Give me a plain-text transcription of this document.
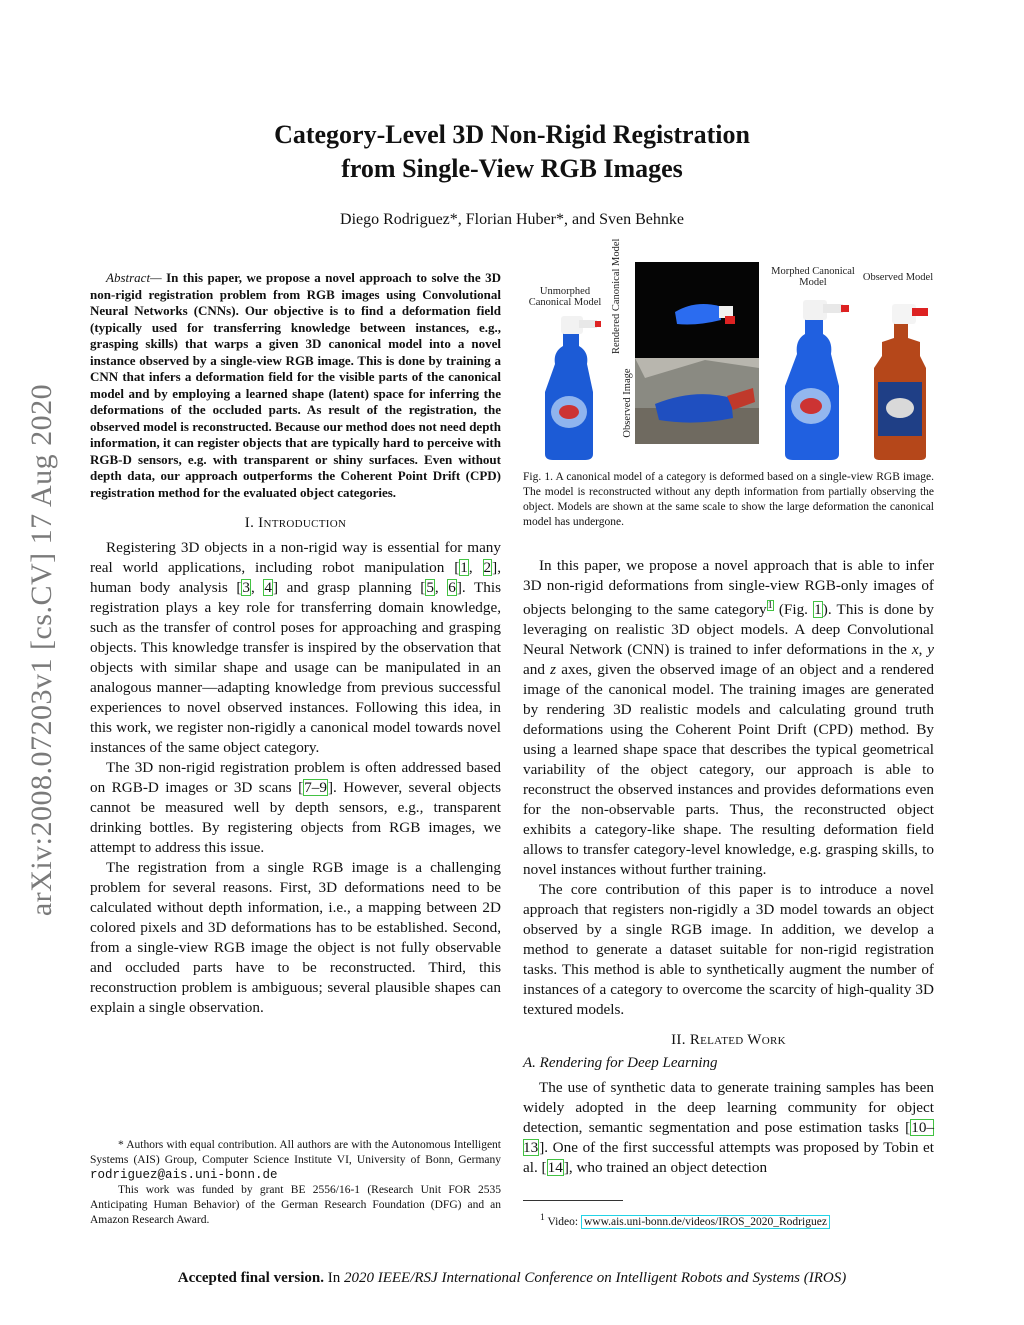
arXiv:2008.07203v1 [cs.CV] 17 Aug 2020
Category-Level 3D Non-Rigid Registration
from Single-View RGB Images
Diego Rodriguez*, Florian Huber*, and Sven Behnke

Abstract— In this paper, we propose a novel approach to solve the 3D non-rigid registration problem from RGB images using Convolutional Neural Networks (CNNs). Our objective is to find a deformation field (typically used for transferring knowledge between instances, e.g., grasping skills) that warps a given 3D canonical model into a novel instance observed by a single-view RGB image. This is done by training a CNN that infers a deformation field for the visible parts of the canonical model and by employing a learned shape (latent) space for inferring the deformations of the occluded parts. As result of the registration, the observed model is reconstructed. Because our method does not need depth information, it can register objects that are typically hard to perceive with RGB-D sensors, e.g. with transparent or shiny surfaces. Even without depth data, our approach outperforms the Coherent Point Drift (CPD) registration method for the evaluated object categories.

I. Introduction

Registering 3D objects in a non-rigid way is essential for many real world applications, including robot manipulation [1, 2], human body analysis [3, 4] and grasp planning [5, 6]. This registration plays a key role for transferring domain knowledge, such as the transfer of control poses for approaching and grasping objects. This knowledge transfer is inspired by the observation that objects with similar shape and usage can be manipulated in an analogous manner—adapting knowledge from previous successful experiences to novel observed instances. Following this idea, in this work, we register non-rigidly a canonical model towards novel instances of the same object category.

The 3D non-rigid registration problem is often addressed based on RGB-D images or 3D scans [7–9]. However, several objects cannot be measured well by depth sensors, e.g., transparent drinking bottles. By registering objects from RGB images, we attempt to address this issue.

The registration from a single RGB image is a challenging problem for several reasons. First, 3D deformations need to be calculated without depth information, i.e., a mapping between 2D colored pixels and 3D deformations has to be established. Second, from a single-view RGB image the object is not fully observable and occluded parts have to be reconstructed. Third, this reconstruction problem is ambiguous; several plausible shapes can explain a single observation.

* Authors with equal contribution. All authors are with the Autonomous Intelligent Systems (AIS) Group, Computer Science Institute VI, University of Bonn, Germany rodriguez@ais.uni-bonn.de

This work was funded by grant BE 2556/16-1 (Research Unit FOR 2535 Anticipating Human Behavior) of the German Research Foundation (DFG) and an Amazon Research Award.

Unmorphed Canonical Model Rendered Canonical Model
Observed Image
Morphed Canonical Model	Observed Model
Fig. 1. A canonical model of a category is deformed based on a single-view RGB image. The model is reconstructed without any depth information from partially observing the object. Models are shown at the same scale to show the large deformation the canonical model has undergone.

In this paper, we propose a novel approach that is able to infer 3D non-rigid deformations from single-view RGB-only images of objects belonging to the same category$^1$ (Fig. 1). This is done by leveraging on realistic 3D object models. A deep Convolutional Neural Network (CNN) is trained to infer deformations in the x, y and z axes, given the observed image of an object and a rendered image of the canonical model. The training images are generated by rendering 3D realistic models and calculating ground truth deformations using the Coherent Point Drift (CPD) method. By using a learned shape space that describes the typical geometrical variability of the object category, our approach is able to reconstruct the observed instances and provides deformations even for the non-observable parts. Thus, the reconstructed object exhibits a category-like shape. The resulting deformation field allows to transfer category-level knowledge, e.g. grasping skills, to novel instances without further training.

The core contribution of this paper is to introduce a novel approach that registers non-rigidly a 3D model towards an object observed by a single RGB image. In addition, we develop a method to generate a dataset suitable for non-rigid registration tasks. This method is able to synthetically augment the number of instances of a category to overcome the scarcity of high-quality 3D textured models.

II. Related Work
A. Rendering for Deep Learning

The use of synthetic data to generate training samples has been widely adopted in the deep learning community for object detection, semantic segmentation and pose estimation tasks [10–13]. One of the first successful attempts was proposed by Tobin et al. [14], who trained an object detection

$^1$ Video: www.ais.uni-bonn.de/videos/IROS_2020_Rodriguez
Accepted final version. In 2020 IEEE/RSJ International Conference on Intelligent Robots and Systems (IROS)
